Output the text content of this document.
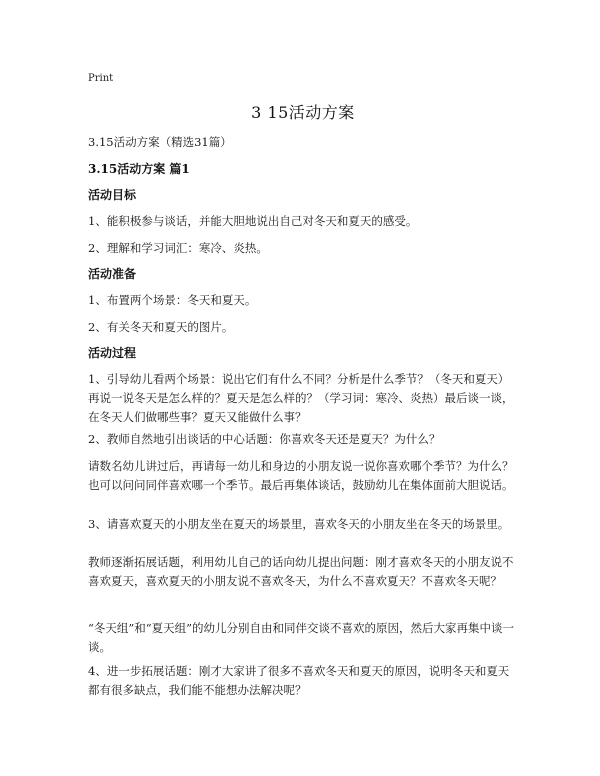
Print
3 15活动方案
3.15活动方案（精选31篇）
3.15活动方案 篇1
活动目标
1、能积极参与谈话，并能大胆地说出自己对冬天和夏天的感受。
2、理解和学习词汇：寒冷、炎热。
活动准备
1、布置两个场景：冬天和夏天。
2、有关冬天和夏天的图片。
活动过程
1、引导幼儿看两个场景：说出它们有什么不同？分析是什么季节？（冬天和夏天）再说一说冬天是怎么样的？夏天是怎么样的？（学习词：寒冷、炎热）最后谈一谈，在冬天人们做哪些事？夏天又能做什么事？
2、教师自然地引出谈话的中心话题：你喜欢冬天还是夏天？为什么？
请数名幼儿讲过后，再请每一幼儿和身边的小朋友说一说你喜欢哪个季节？为什么？也可以问问同伴喜欢哪一个季节。最后再集体谈话，鼓励幼儿在集体面前大胆说话。
3、请喜欢夏天的小朋友坐在夏天的场景里，喜欢冬天的小朋友坐在冬天的场景里。
教师逐渐拓展话题，利用幼儿自己的话向幼儿提出问题：刚才喜欢冬天的小朋友说不喜欢夏天，喜欢夏天的小朋友说不喜欢冬天，为什么不喜欢夏天？不喜欢冬天呢？
“冬天组”和“夏天组”的幼儿分别自由和同伴交谈不喜欢的原因，然后大家再集中谈一谈。
4、进一步拓展话题：刚才大家讲了很多不喜欢冬天和夏天的原因，说明冬天和夏天都有很多缺点，我们能不能想办法解决呢？
